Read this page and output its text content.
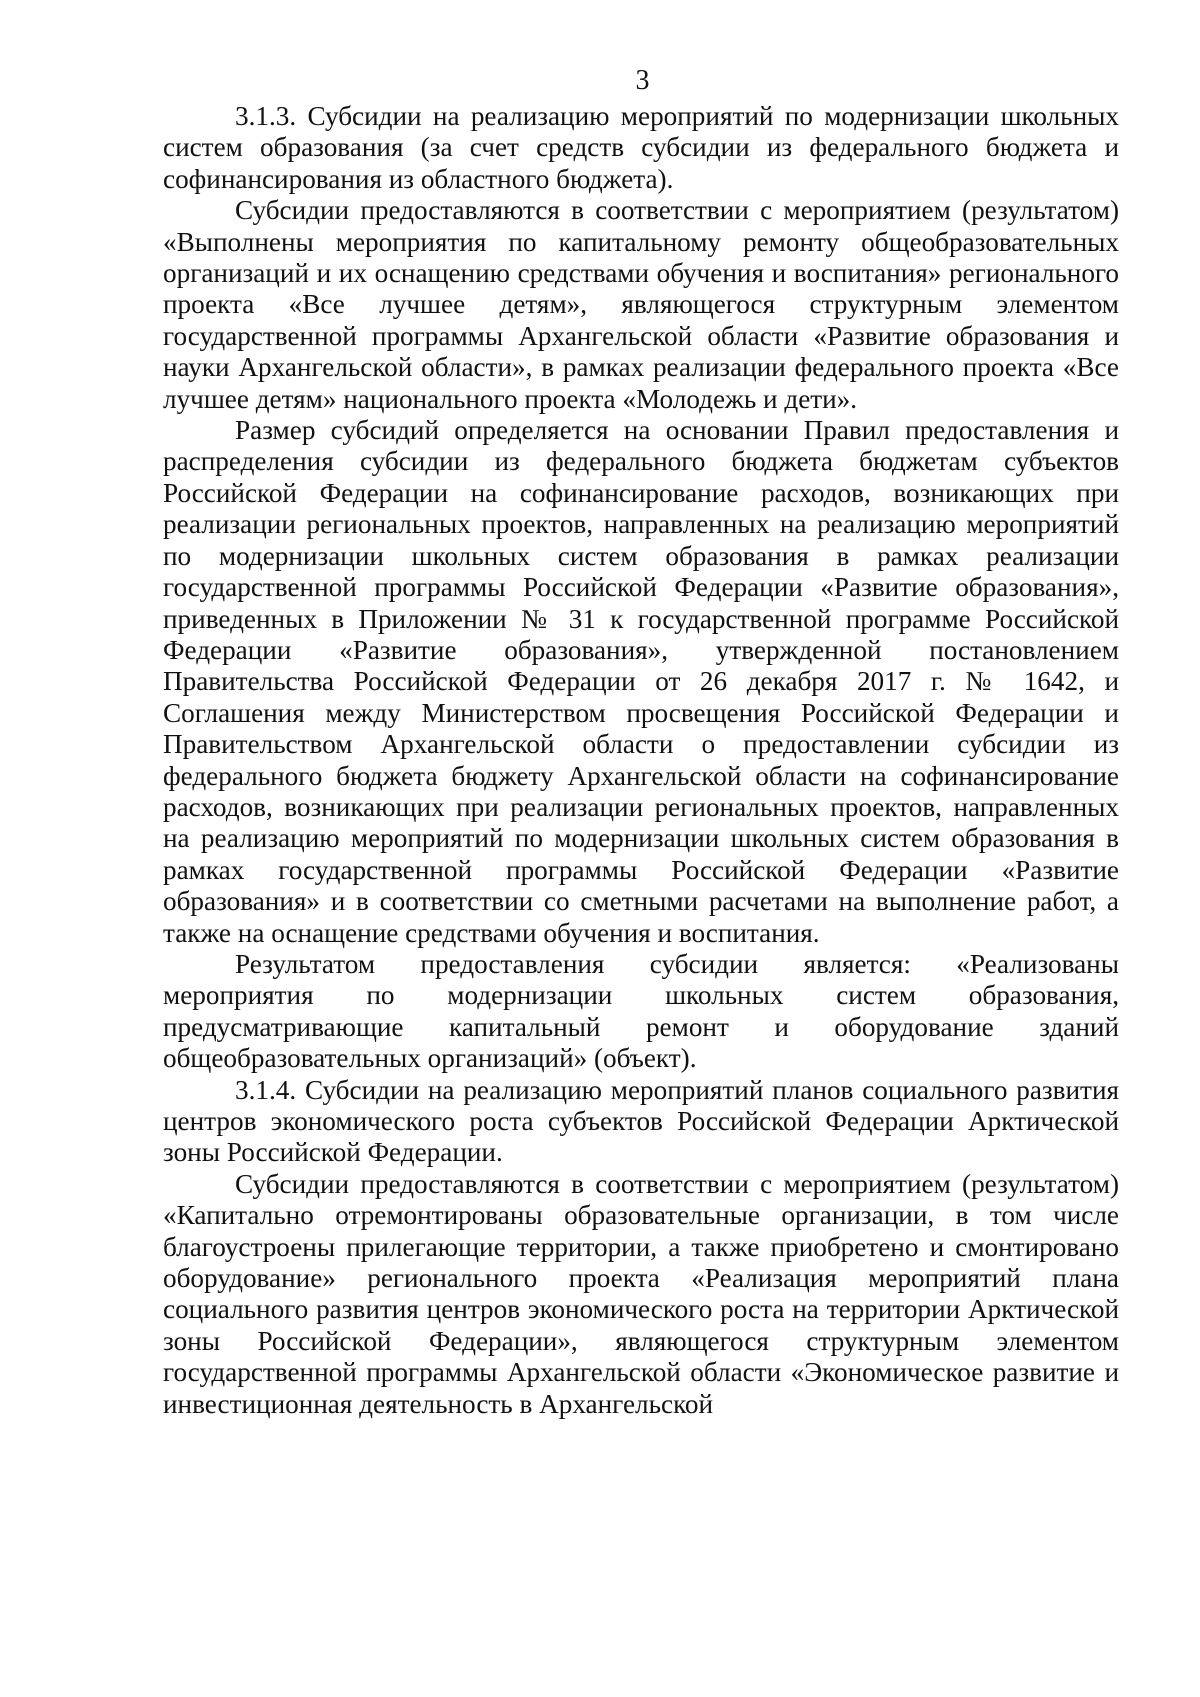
3

3.1.3. Субсидии на реализацию мероприятий по модернизации школьных систем образования (за счет средств субсидии из федерального бюджета и софинансирования из областного бюджета).

Субсидии предоставляются в соответствии с мероприятием (результатом) «Выполнены мероприятия по капитальному ремонту общеобразовательных организаций и их оснащению средствами обучения и воспитания» регионального проекта «Все лучшее детям», являющегося структурным элементом государственной программы Архангельской области «Развитие образования и науки Архангельской области», в рамках реализации федерального проекта «Все лучшее детям» национального проекта «Молодежь и дети».

Размер субсидий определяется на основании Правил предоставления и распределения субсидии из федерального бюджета бюджетам субъектов Российской Федерации на софинансирование расходов, возникающих при реализации региональных проектов, направленных на реализацию мероприятий по модернизации школьных систем образования в рамках реализации государственной программы Российской Федерации «Развитие образования», приведенных в Приложении № 31 к государственной программе Российской Федерации «Развитие образования», утвержденной постановлением Правительства Российской Федерации от 26 декабря 2017 г. № 1642, и Соглашения между Министерством просвещения Российской Федерации и Правительством Архангельской области о предоставлении субсидии из федерального бюджета бюджету Архангельской области на софинансирование расходов, возникающих при реализации региональных проектов, направленных на реализацию мероприятий по модернизации школьных систем образования в рамках государственной программы Российской Федерации «Развитие образования» и в соответствии со сметными расчетами на выполнение работ, а также на оснащение средствами обучения и воспитания.

Результатом предоставления субсидии является: «Реализованы мероприятия по модернизации школьных систем образования, предусматривающие капитальный ремонт и оборудование зданий общеобразовательных организаций» (объект).

3.1.4. Субсидии на реализацию мероприятий планов социального развития центров экономического роста субъектов Российской Федерации Арктической зоны Российской Федерации.

Субсидии предоставляются в соответствии с мероприятием (результатом) «Капитально отремонтированы образовательные организации, в том числе благоустроены прилегающие территории, а также приобретено и смонтировано оборудование» регионального проекта «Реализация мероприятий плана социального развития центров экономического роста на территории Арктической зоны Российской Федерации», являющегося структурным элементом государственной программы Архангельской области «Экономическое развитие и инвестиционная деятельность в Архангельской
